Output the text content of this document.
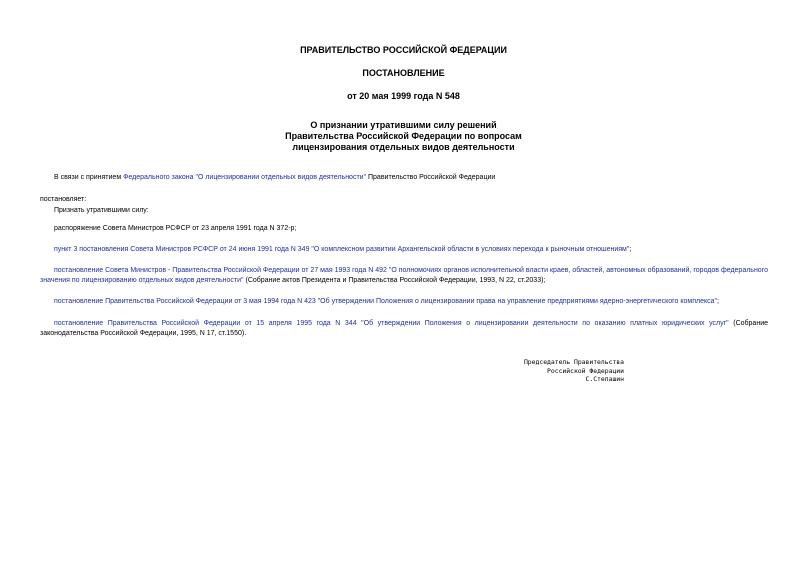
ПРАВИТЕЛЬСТВО РОССИЙСКОЙ ФЕДЕРАЦИИ
ПОСТАНОВЛЕНИЕ
от 20 мая 1999 года N 548
О признании утратившими силу решений
Правительства Российской Федерации по вопросам
лицензирования отдельных видов деятельности
В связи с принятием Федерального закона "О лицензировании отдельных видов деятельности" Правительство Российской Федерации
постановляет:
Признать утратившими силу:
распоряжение Совета Министров РСФСР от 23 апреля 1991 года N 372-р;
пункт 3 постановления Совета Министров РСФСР от 24 июня 1991 года N 349 "О комплексном развитии Архангельской области в условиях перехода к рыночным отношениям";
постановление Совета Министров - Правительства Российской Федерации от 27 мая 1993 года N 492 "О полномочиях органов исполнительной власти краев, областей, автономных образований, городов федерального значения по лицензированию отдельных видов деятельности" (Собрание актов Президента и Правительства Российской Федерации, 1993, N 22, ст.2033);
постановление Правительства Российской Федерации от 3 мая 1994 года N 423 "Об утверждении Положения о лицензировании права на управление предприятиями ядерно-энергетического комплекса";
постановление Правительства Российской Федерации от 15 апреля 1995 года N 344 "Об утверждении Положения о лицензировании деятельности по оказанию платных юридических услуг" (Собрание законодательства Российской Федерации, 1995, N 17, ст.1550).
Председатель Правительства
Российской Федерации
С.Степашин
